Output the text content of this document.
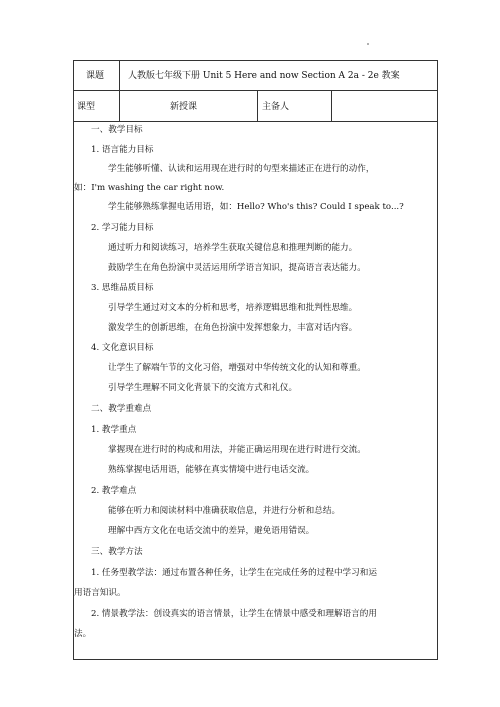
课题	人教版七年级下册 Unit 5 Here and now Section A 2a - 2e 教案
课型	新授课	主备人
一、教学目标
1. 语言能力目标
学生能够听懂、认读和运用现在进行时的句型来描述正在进行的动作，
如：I'm washing the car right now.
学生能够熟练掌握电话用语，如：Hello? Who's this? Could I speak to...?
2. 学习能力目标
通过听力和阅读练习，培养学生获取关键信息和推理判断的能力。
鼓励学生在角色扮演中灵活运用所学语言知识，提高语言表达能力。
3. 思维品质目标
引导学生通过对文本的分析和思考，培养逻辑思维和批判性思维。
激发学生的创新思维，在角色扮演中发挥想象力，丰富对话内容。
4. 文化意识目标
让学生了解端午节的文化习俗，增强对中华传统文化的认知和尊重。
引导学生理解不同文化背景下的交流方式和礼仪。
二、教学重难点
1. 教学重点
掌握现在进行时的构成和用法，并能正确运用现在进行时进行交流。
熟练掌握电话用语，能够在真实情境中进行电话交流。
2. 教学难点
能够在听力和阅读材料中准确获取信息，并进行分析和总结。
理解中西方文化在电话交流中的差异，避免语用错误。
三、教学方法
1. 任务型教学法：通过布置各种任务，让学生在完成任务的过程中学习和运
用语言知识。
2. 情景教学法：创设真实的语言情景，让学生在情景中感受和理解语言的用
法。
